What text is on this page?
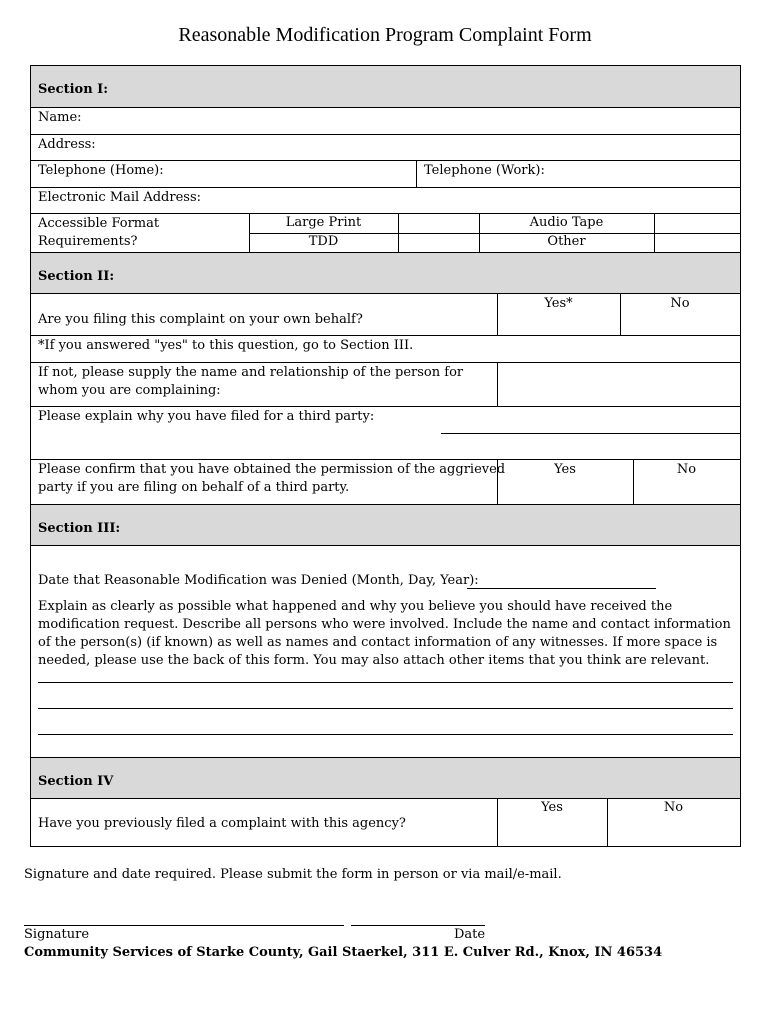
Reasonable Modification Program Complaint Form
Section I:
Name:
Address:
Telephone (Home):	Telephone (Work):
Electronic Mail Address:
Accessible Format
Requirements?
Large Print	Audio Tape
TDD	Other
Section II:
Are you filing this complaint on your own behalf?
Yes*	No
*If you answered "yes" to this question, go to Section III.
If not, please supply the name and relationship of the person for
whom you are complaining:
Please explain why you have filed for a third party:
Please confirm that you have obtained the permission of the aggrieved
party if you are filing on behalf of a third party.
Yes	No
Section III:
Date that Reasonable Modification was Denied (Month, Day, Year):
Explain as clearly as possible what happened and why you believe you should have received the modification request. Describe all persons who were involved. Include the name and contact information of the person(s) (if known) as well as names and contact information of any witnesses. If more space is needed, please use the back of this form. You may also attach other items that you think are relevant.
Section IV
Have you previously filed a complaint with this agency?
Yes	No
Signature and date required. Please submit the form in person or via mail/e-mail.
Signature	Date
Community Services of Starke County, Gail Staerkel, 311 E. Culver Rd., Knox, IN 46534
